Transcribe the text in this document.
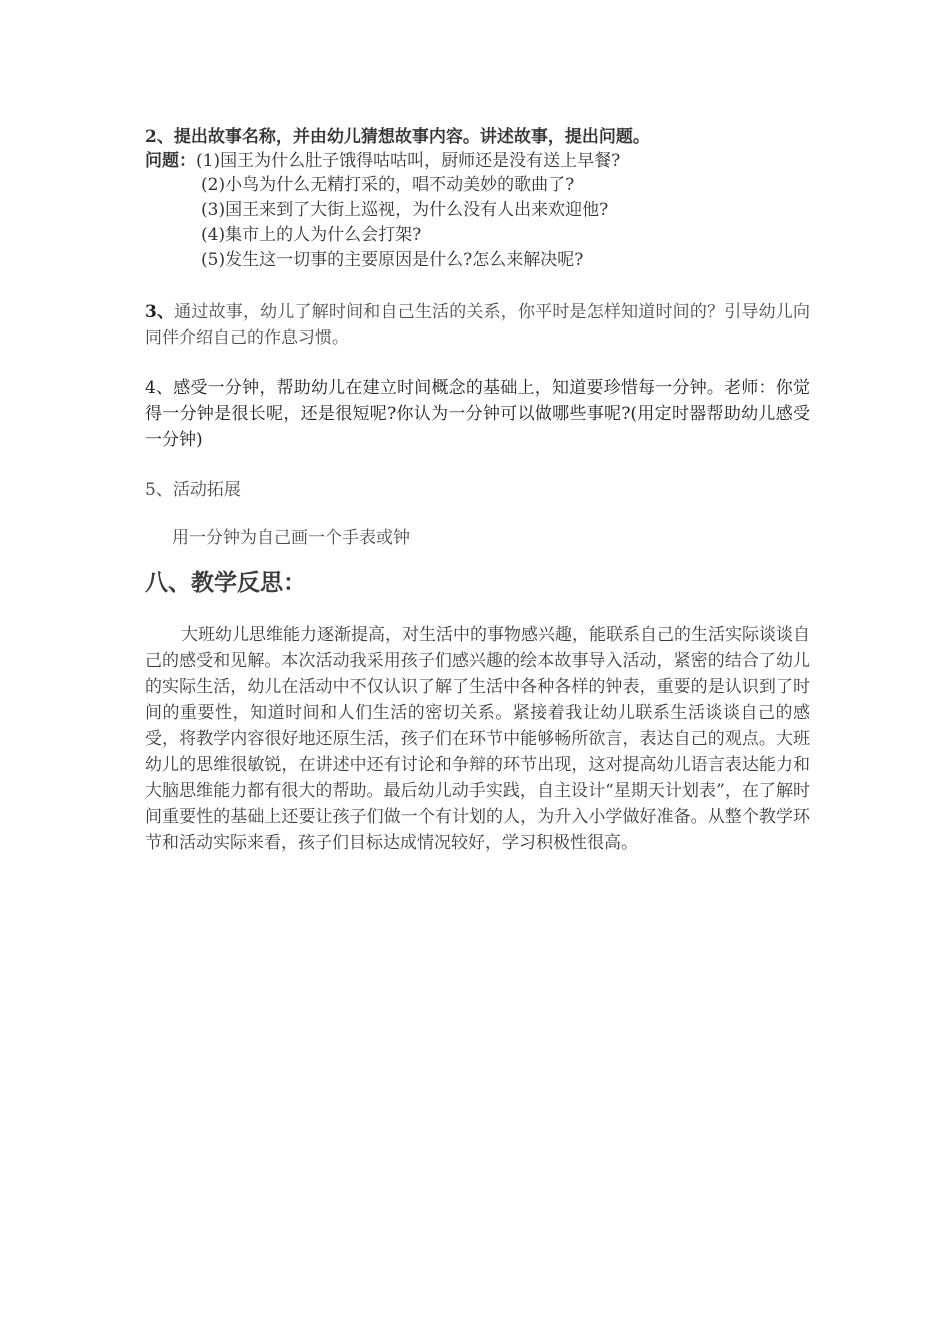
2、提出故事名称，并由幼儿猜想故事内容。讲述故事，提出问题。
问题：(1)国王为什么肚子饿得咕咕叫，厨师还是没有送上早餐?
(2)小鸟为什么无精打采的，唱不动美妙的歌曲了?
(3)国王来到了大街上巡视，为什么没有人出来欢迎他?
(4)集市上的人为什么会打架?
(5)发生这一切事的主要原因是什么?怎么来解决呢?
3、通过故事，幼儿了解时间和自己生活的关系，你平时是怎样知道时间的？引导幼儿向同伴介绍自己的作息习惯。
4、感受一分钟，帮助幼儿在建立时间概念的基础上，知道要珍惜每一分钟。老师：你觉得一分钟是很长呢，还是很短呢?你认为一分钟可以做哪些事呢?(用定时器帮助幼儿感受一分钟)
5、活动拓展
用一分钟为自己画一个手表或钟
八、教学反思：
大班幼儿思维能力逐渐提高，对生活中的事物感兴趣，能联系自己的生活实际谈谈自己的感受和见解。本次活动我采用孩子们感兴趣的绘本故事导入活动，紧密的结合了幼儿的实际生活，幼儿在活动中不仅认识了解了生活中各种各样的钟表，重要的是认识到了时间的重要性，知道时间和人们生活的密切关系。紧接着我让幼儿联系生活谈谈自己的感受，将教学内容很好地还原生活，孩子们在环节中能够畅所欲言，表达自己的观点。大班幼儿的思维很敏锐，在讲述中还有讨论和争辩的环节出现，这对提高幼儿语言表达能力和大脑思维能力都有很大的帮助。最后幼儿动手实践，自主设计“星期天计划表”，在了解时间重要性的基础上还要让孩子们做一个有计划的人，为升入小学做好准备。从整个教学环节和活动实际来看，孩子们目标达成情况较好，学习积极性很高。
